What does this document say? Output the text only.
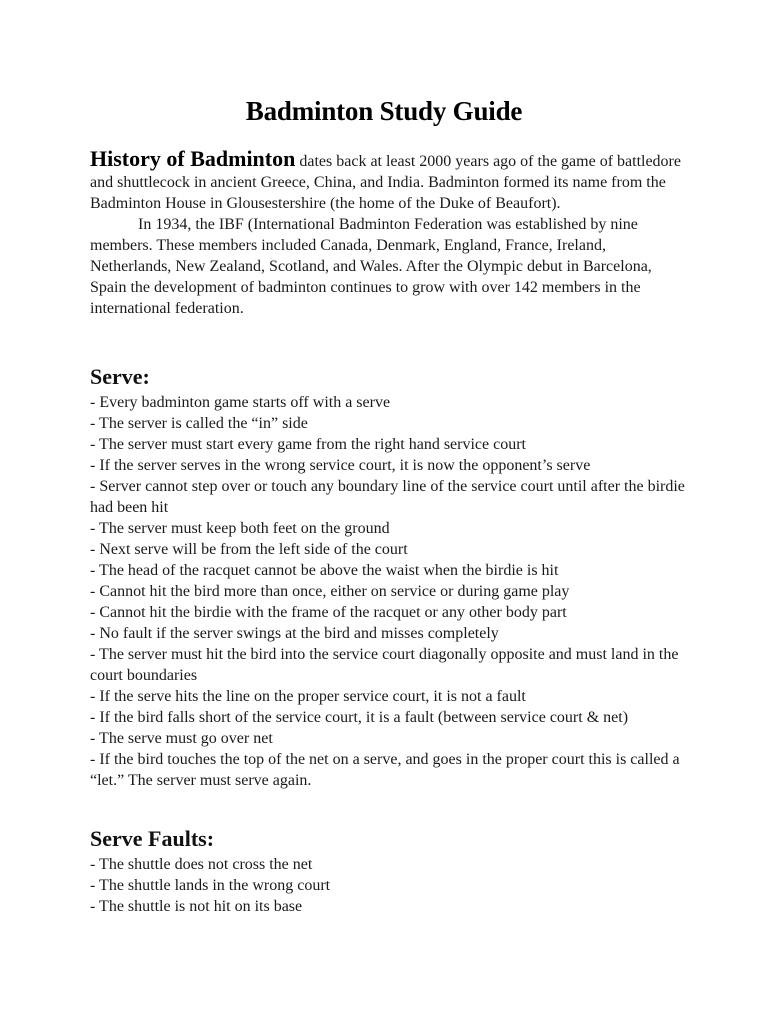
Badminton Study Guide

History of Badminton dates back at least 2000 years ago of the game of battledore and shuttlecock in ancient Greece, China, and India. Badminton formed its name from the Badminton House in Glousestershire (the home of the Duke of Beaufort).

In 1934, the IBF (International Badminton Federation was established by nine members. These members included Canada, Denmark, England, France, Ireland, Netherlands, New Zealand, Scotland, and Wales. After the Olympic debut in Barcelona, Spain the development of badminton continues to grow with over 142 members in the international federation.

Serve:
- Every badminton game starts off with a serve
- The server is called the “in” side
- The server must start every game from the right hand service court
- If the server serves in the wrong service court, it is now the opponent’s serve
- Server cannot step over or touch any boundary line of the service court until after the birdie had been hit
- The server must keep both feet on the ground
- Next serve will be from the left side of the court
- The head of the racquet cannot be above the waist when the birdie is hit
- Cannot hit the bird more than once, either on service or during game play
- Cannot hit the birdie with the frame of the racquet or any other body part
- No fault if the server swings at the bird and misses completely
- The server must hit the bird into the service court diagonally opposite and must land in the court boundaries
- If the serve hits the line on the proper service court, it is not a fault
- If the bird falls short of the service court, it is a fault (between service court & net)
- The serve must go over net
- If the bird touches the top of the net on a serve, and goes in the proper court this is called a “let.” The server must serve again.
Serve Faults:
- The shuttle does not cross the net
- The shuttle lands in the wrong court
- The shuttle is not hit on its base
